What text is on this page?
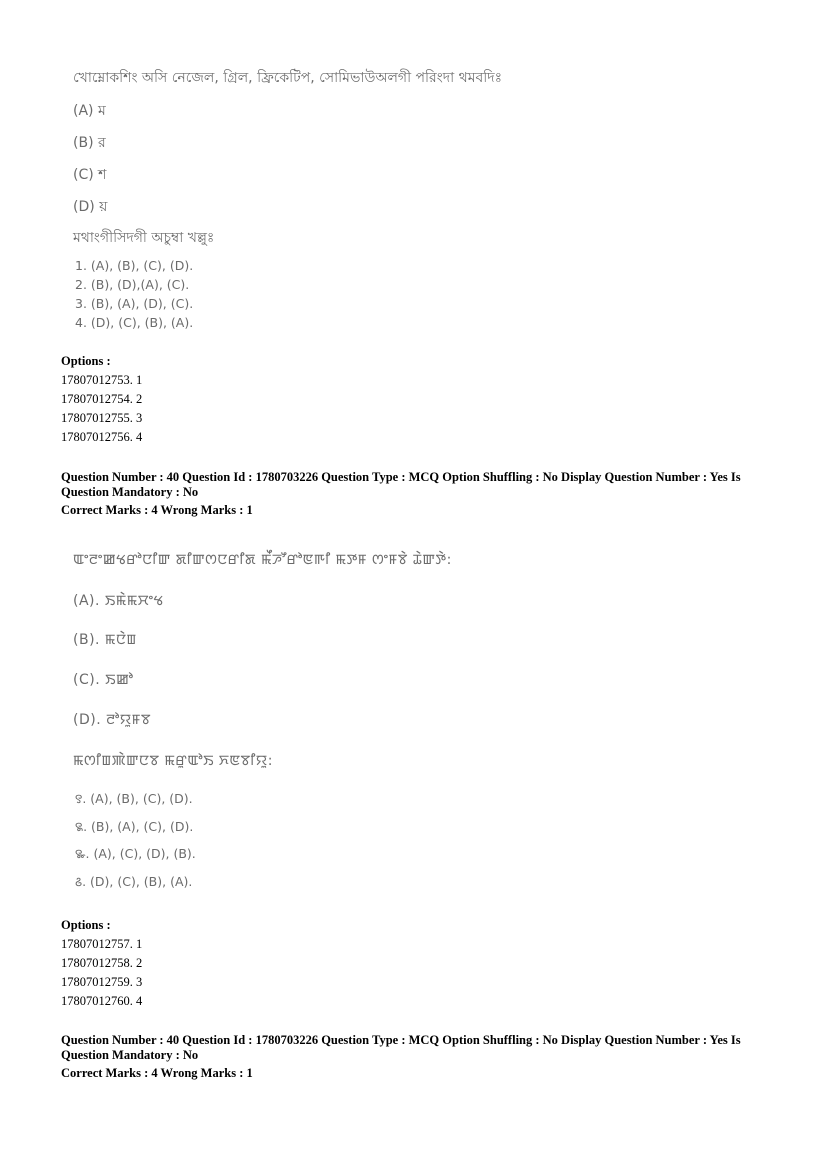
খোম্নোকশিং অসি নেজেল, গ্রিল, ফ্রিকেটিপ, সোমিভাউঅলগী পরিংদা থমবদিঃ
(A) ম
(B) র
(C) শ
(D) য়
মথাংগীসিদগী অচুম্বা খল্লুঃ
1. (A), (B), (C), (D).
2. (B), (D),(A), (C).
3. (B), (A), (D), (C).
4. (D), (C), (B), (A).
Options :
17807012753. 1
17807012754. 2
17807012755. 3
17807012756. 4
Question Number : 40 Question Id : 1780703226 Question Type : MCQ Option Shuffling : No Display Question Number : Yes Is
Question Mandatory : No
Correct Marks : 4 Wrong Marks : 1
ꯑꯦꯂꯦꯀꯠꯔꯣꯅꯤꯛ ꯗꯤꯛꯁꯅꯔꯤꯗ ꯃꯩꯍꯧꯔꯣꯟꯒꯤ ꯃꯇꯝ ꯁꯦꯝꯕꯥ ꯊꯥꯛꯇꯥ:
(A). ꯏꯃꯥꯃꯆꯦꯠ
(B). ꯃꯅꯥꯡ
(C). ꯏꯀꯣ
(D). ꯂꯣꯌꯨꯝꯕ
ꯃꯁꯤꯡꯄꯥꯛꯅꯕ ꯃꯔꯨꯑꯣꯏ ꯈꯟꯕꯤꯌꯨ:
꯱. (A), (B), (C), (D).
꯲. (B), (A), (C), (D).
꯳. (A), (C), (D), (B).
꯴. (D), (C), (B), (A).
Options :
17807012757. 1
17807012758. 2
17807012759. 3
17807012760. 4
Question Number : 40 Question Id : 1780703226 Question Type : MCQ Option Shuffling : No Display Question Number : Yes Is
Question Mandatory : No
Correct Marks : 4 Wrong Marks : 1
